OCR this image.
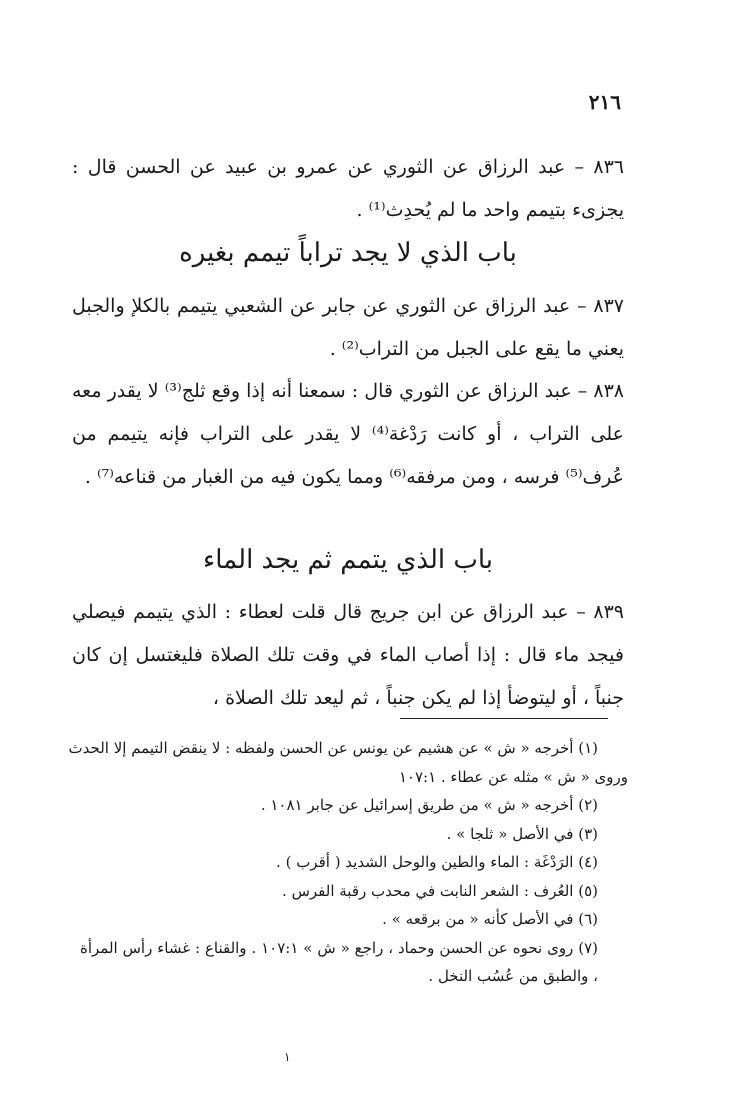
٢١٦
٨٣٦ – عبد الرزاق عن الثوري عن عمرو بن عبيد عن الحسن قال : يجزىء بتيمم واحد ما لم يُحدِث⁽¹⁾ .
باب الذي لا يجد تراباً تيمم بغيره
٨٣٧ – عبد الرزاق عن الثوري عن جابر عن الشعبي يتيمم بالكلإ والجبل يعني ما يقع على الجبل من التراب⁽²⁾ .
٨٣٨ – عبد الرزاق عن الثوري قال : سمعنا أنه إذا وقع ثلج⁽³⁾ لا يقدر معه على التراب ، أو كانت رَدْغة⁽⁴⁾ لا يقدر على التراب فإنه يتيمم من عُرف⁽⁵⁾ فرسه ، ومن مرفقه⁽⁶⁾ ومما يكون فيه من الغبار من قناعه⁽⁷⁾ .
باب الذي يتمم ثم يجد الماء
٨٣٩ – عبد الرزاق عن ابن جريج قال قلت لعطاء : الذي يتيمم فيصلي فيجد ماء قال : إذا أصاب الماء في وقت تلك الصلاة فليغتسل إن كان جنباً ، أو ليتوضأ إذا لم يكن جنباً ، ثم ليعد تلك الصلاة ،
(١) أخرجه « ش » عن هشيم عن يونس عن الحسن ولفظه : لا ينقض التيمم إلا الحدث
وروى « ش » مثله عن عطاء . ١٠٧:١
(٢) أخرجه « ش » من طريق إسرائيل عن جابر ١٠٨١ .
(٣) في الأصل « ثلجا » .
(٤) الرَدْغَة : الماء والطين والوحل الشديد ( أقرب ) .
(٥) العُرف : الشعر النابت في محدب رقبة الفرس .
(٦) في الأصل كأنه « من برقعه » .
(٧) روى نحوه عن الحسن وحماد ، راجع « ش » ١٠٧:١ . والقناع : غشاء رأس المرأة ، والطبق من عُسُب النخل .
١
